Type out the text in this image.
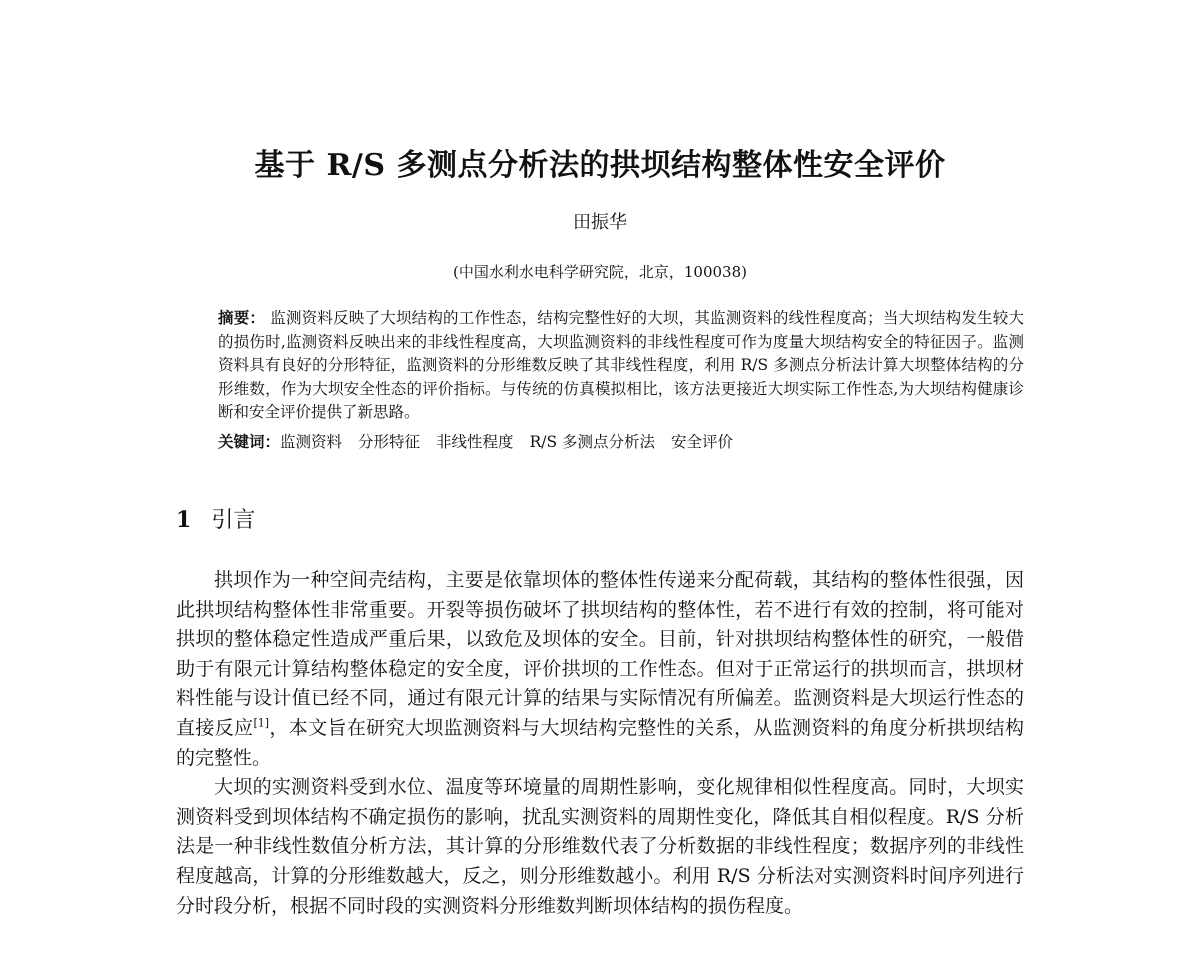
基于 R/S 多测点分析法的拱坝结构整体性安全评价
田振华
(中国水利水电科学研究院，北京，100038)
摘要： 监测资料反映了大坝结构的工作性态，结构完整性好的大坝，其监测资料的线性程度高；当大坝结构发生较大的损伤时,监测资料反映出来的非线性程度高，大坝监测资料的非线性程度可作为度量大坝结构安全的特征因子。监测资料具有良好的分形特征，监测资料的分形维数反映了其非线性程度，利用 R/S 多测点分析法计算大坝整体结构的分形维数，作为大坝安全性态的评价指标。与传统的仿真模拟相比，该方法更接近大坝实际工作性态,为大坝结构健康诊断和安全评价提供了新思路。
关键词：监测资料 分形特征 非线性程度 R/S 多测点分析法 安全评价
1 引言

拱坝作为一种空间壳结构，主要是依靠坝体的整体性传递来分配荷载，其结构的整体性很强，因此拱坝结构整体性非常重要。开裂等损伤破坏了拱坝结构的整体性，若不进行有效的控制，将可能对拱坝的整体稳定性造成严重后果，以致危及坝体的安全。目前，针对拱坝结构整体性的研究，一般借助于有限元计算结构整体稳定的安全度，评价拱坝的工作性态。但对于正常运行的拱坝而言，拱坝材料性能与设计值已经不同，通过有限元计算的结果与实际情况有所偏差。监测资料是大坝运行性态的直接反应[1]，本文旨在研究大坝监测资料与大坝结构完整性的关系，从监测资料的角度分析拱坝结构的完整性。

大坝的实测资料受到水位、温度等环境量的周期性影响，变化规律相似性程度高。同时，大坝实测资料受到坝体结构不确定损伤的影响，扰乱实测资料的周期性变化，降低其自相似程度。R/S 分析法是一种非线性数值分析方法，其计算的分形维数代表了分析数据的非线性程度；数据序列的非线性程度越高，计算的分形维数越大，反之，则分形维数越小。利用 R/S 分析法对实测资料时间序列进行分时段分析，根据不同时段的实测资料分形维数判断坝体结构的损伤程度。
